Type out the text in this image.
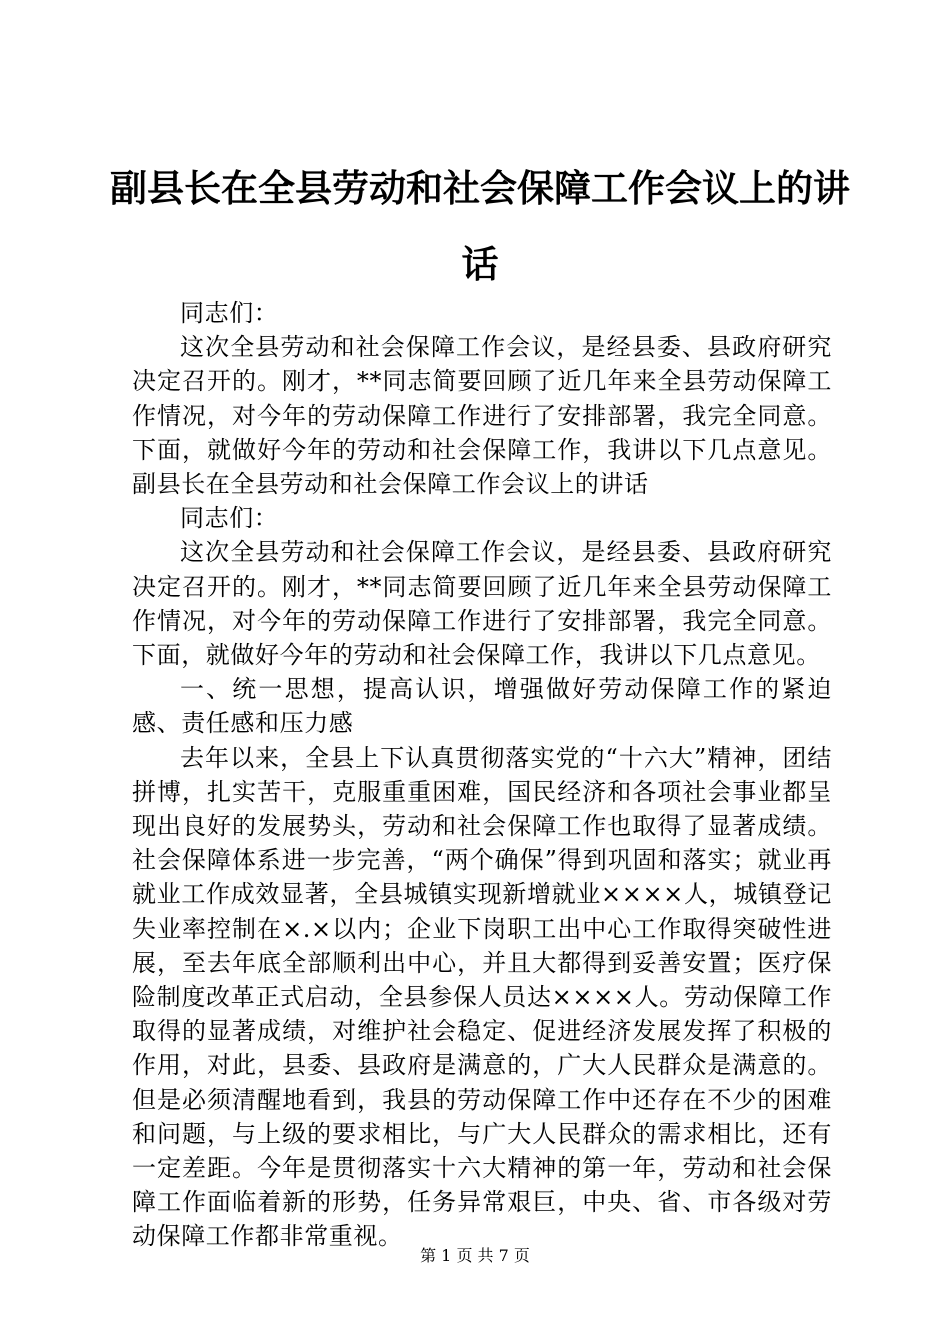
副县长在全县劳动和社会保障工作会议上的讲话

同志们：

这次全县劳动和社会保障工作会议，是经县委、县政府研究决定召开的。刚才，**同志简要回顾了近几年来全县劳动保障工作情况，对今年的劳动保障工作进行了安排部署，我完全同意。下面，就做好今年的劳动和社会保障工作，我讲以下几点意见。副县长在全县劳动和社会保障工作会议上的讲话

同志们：

这次全县劳动和社会保障工作会议，是经县委、县政府研究决定召开的。刚才，**同志简要回顾了近几年来全县劳动保障工作情况，对今年的劳动保障工作进行了安排部署，我完全同意。下面，就做好今年的劳动和社会保障工作，我讲以下几点意见。

一、统一思想，提高认识，增强做好劳动保障工作的紧迫感、责任感和压力感

去年以来，全县上下认真贯彻落实党的“十六大”精神，团结拼博，扎实苦干，克服重重困难，国民经济和各项社会事业都呈现出良好的发展势头，劳动和社会保障工作也取得了显著成绩。社会保障体系进一步完善，“两个确保”得到巩固和落实；就业再就业工作成效显著，全县城镇实现新增就业××××人，城镇登记失业率控制在×.×以内；企业下岗职工出中心工作取得突破性进展，至去年底全部顺利出中心，并且大都得到妥善安置；医疗保险制度改革正式启动，全县参保人员达××××人。劳动保障工作取得的显著成绩，对维护社会稳定、促进经济发展发挥了积极的作用，对此，县委、县政府是满意的，广大人民群众是满意的。但是必须清醒地看到，我县的劳动保障工作中还存在不少的困难和问题，与上级的要求相比，与广大人民群众的需求相比，还有一定差距。今年是贯彻落实十六大精神的第一年，劳动和社会保障工作面临着新的形势，任务异常艰巨，中央、省、市各级对劳动保障工作都非常重视。

第 1 页 共 7 页
